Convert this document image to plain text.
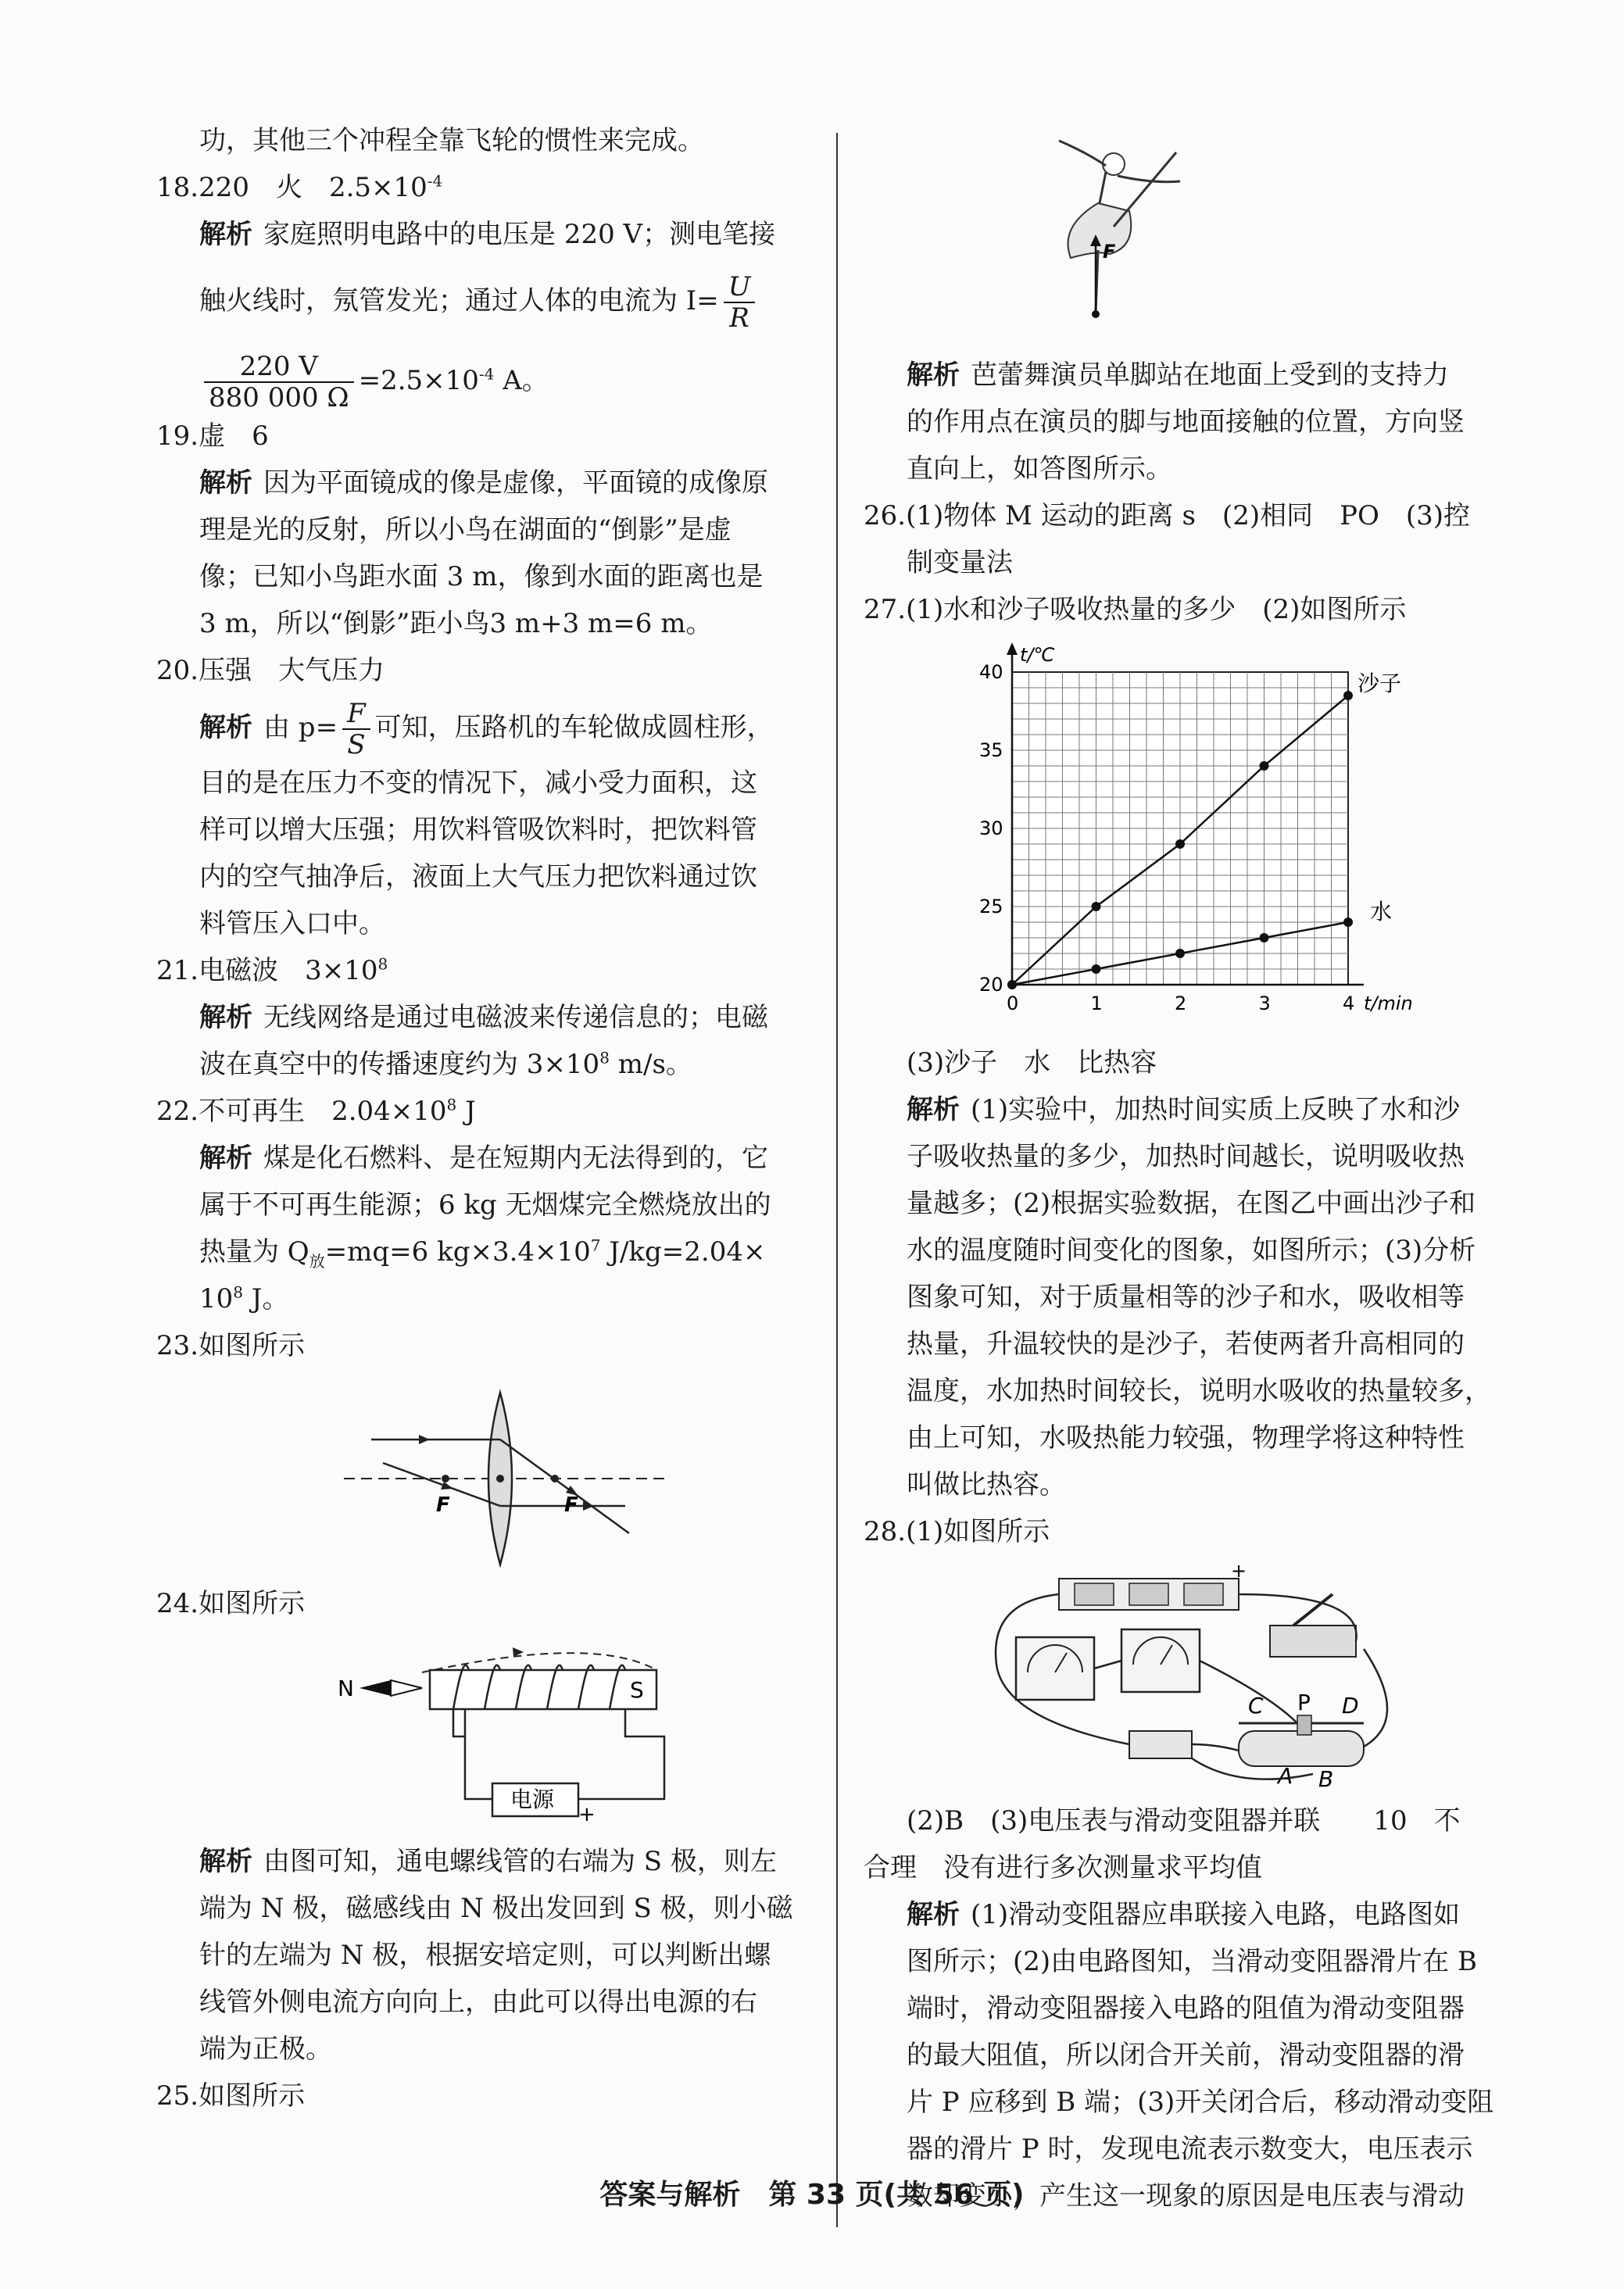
功，其他三个冲程全靠飞轮的惯性来完成。
18.220　火　$2.5\times 10^{-4}$
解析 家庭照明电路中的电压是 220 V；测电笔接
触火线时，氖管发光；通过人体的电流为 $I= \frac{U}{R}$
$\frac{220 V}{880 000 \Omega} =2.5\times 10^{-4}$ A。
19.虚　6
解析 因为平面镜成的像是虚像，平面镜的成像原
理是光的反射，所以小鸟在湖面的“倒影”是虚
像；已知小鸟距水面 3 m，像到水面的距离也是
3 m，所以“倒影”距小鸟3 m+3 m=6 m。
20.压强　大气压力
解析 由 $p= \frac{F}{S}$ 可知，压路机的车轮做成圆柱形，
目的是在压力不变的情况下，减小受力面积，这
样可以增大压强；用饮料管吸饮料时，把饮料管
内的空气抽净后，液面上大气压力把饮料通过饮
料管压入口中。
21.电磁波　$3\times 10^8$
解析 无线网络是通过电磁波来传递信息的；电磁
波在真空中的传播速度约为 $3\times 10^8$ m/s。
22.不可再生　$2.04\times 10^8$ J
解析 煤是化石燃料、是在短期内无法得到的，它
属于不可再生能源；6 kg 无烟煤完全燃烧放出的
热量为 $Q_放=mq=6$ $kg\times 3.4\times 10^7$ J/kg=2.04×
$10^8$ J。
23.如图所示
F	F
24.如图所示
N	S
电源
+
解析 由图可知，通电螺线管的右端为 S 极，则左
端为 N 极，磁感线由 N 极出发回到 S 极，则小磁
针的左端为 N 极，根据安培定则，可以判断出螺
线管外侧电流方向向上，由此可以得出电源的右
端为正极。
25.如图所示
F
解析 芭蕾舞演员单脚站在地面上受到的支持力
的作用点在演员的脚与地面接触的位置，方向竖
直向上，如答图所示。
26.(1)物体 M 运动的距离 s　(2)相同　PO　(3)控
制变量法
27.(1)水和沙子吸收热量的多少　(2)如图所示
0	1	2	3	4
20
25
30
35
40
t/℃
t/min
沙子
水
(3)沙子　水　比热容
解析 (1)实验中，加热时间实质上反映了水和沙
子吸收热量的多少，加热时间越长，说明吸收热
量越多；(2)根据实验数据，在图乙中画出沙子和
水的温度随时间变化的图象，如图所示；(3)分析
图象可知，对于质量相等的沙子和水，吸收相等
热量，升温较快的是沙子，若使两者升高相同的
温度，水加热时间较长，说明水吸收的热量较多，
由上可知，水吸热能力较强，物理学将这种特性
叫做比热容。
28.(1)如图所示
+
C P D
A B
(2)B　(3)电压表与滑动变阻器并联　　10　不
合理　没有进行多次测量求平均值
解析 (1)滑动变阻器应串联接入电路，电路图如
图所示；(2)由电路图知，当滑动变阻器滑片在 B
端时，滑动变阻器接入电路的阻值为滑动变阻器
的最大阻值，所以闭合开关前，滑动变阻器的滑
片 P 应移到 B 端；(3)开关闭合后，移动滑动变阻
器的滑片 P 时，发现电流表示数变大，电压表示
数却变小，产生这一现象的原因是电压表与滑动
答案与解析　第 33 页(共 56 页)
